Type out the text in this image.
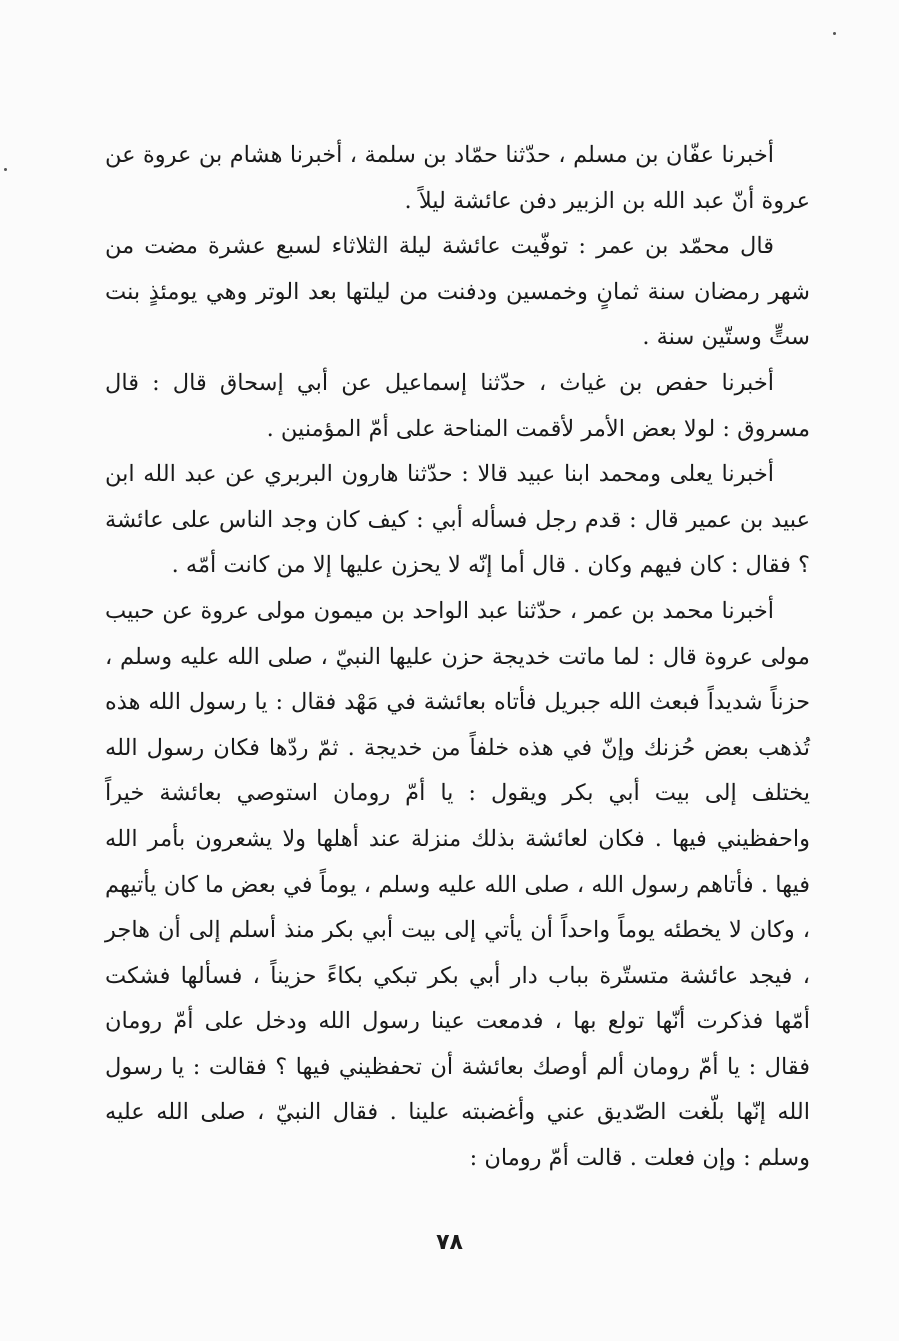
أخبرنا عفّان بن مسلم ، حدّثنا حمّاد بن سلمة ، أخبرنا هشام بن عروة عن عروة أنّ عبد الله بن الزبير دفن عائشة ليلاً .

قال محمّد بن عمر : توفّيت عائشة ليلة الثلاثاء لسبع عشرة مضت من شهر رمضان سنة ثمانٍ وخمسين ودفنت من ليلتها بعد الوتر وهي يومئذٍ بنت ستٍّ وستّين سنة .

أخبرنا حفص بن غياث ، حدّثنا إسماعيل عن أبي إسحاق قال : قال مسروق : لولا بعض الأمر لأقمت المناحة على أمّ المؤمنين .

أخبرنا يعلى ومحمد ابنا عبيد قالا : حدّثنا هارون البربري عن عبد الله ابن عبيد بن عمير قال : قدم رجل فسأله أبي : كيف كان وجد الناس على عائشة ؟ فقال : كان فيهم وكان . قال أما إنّه لا يحزن عليها إلا من كانت أمّه .

أخبرنا محمد بن عمر ، حدّثنا عبد الواحد بن ميمون مولى عروة عن حبيب مولى عروة قال : لما ماتت خديجة حزن عليها النبيّ ، صلى الله عليه وسلم ، حزناً شديداً فبعث الله جبريل فأتاه بعائشة في مَهْد فقال : يا رسول الله هذه تُذهب بعض حُزنك وإنّ في هذه خلفاً من خديجة . ثمّ ردّها فكان رسول الله يختلف إلى بيت أبي بكر ويقول : يا أمّ رومان استوصي بعائشة خيراً واحفظيني فيها . فكان لعائشة بذلك منزلة عند أهلها ولا يشعرون بأمر الله فيها . فأتاهم رسول الله ، صلى الله عليه وسلم ، يوماً في بعض ما كان يأتيهم ، وكان لا يخطئه يوماً واحداً أن يأتي إلى بيت أبي بكر منذ أسلم إلى أن هاجر ، فيجد عائشة متستّرة بباب دار أبي بكر تبكي بكاءً حزيناً ، فسألها فشكت أمّها فذكرت أنّها تولع بها ، فدمعت عينا رسول الله ودخل على أمّ رومان فقال : يا أمّ رومان ألم أوصك بعائشة أن تحفظيني فيها ؟ فقالت : يا رسول الله إنّها بلّغت الصّديق عني وأغضبته علينا . فقال النبيّ ، صلى الله عليه وسلم : وإن فعلت . قالت أمّ رومان :

٧٨
